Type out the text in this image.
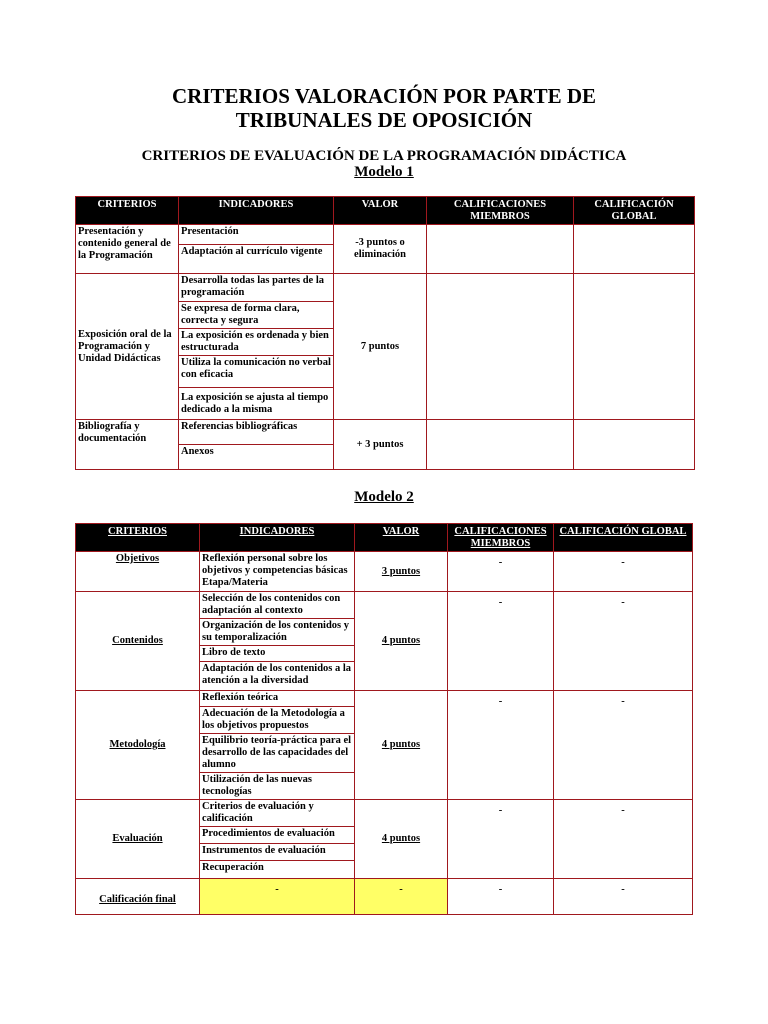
CRITERIOS VALORACIÓN POR PARTE DE
TRIBUNALES DE OPOSICIÓN
CRITERIOS DE EVALUACIÓN DE LA PROGRAMACIÓN DIDÁCTICA
Modelo 1
CRITERIOS	INDICADORES	VALOR	CALIFICACIONES MIEMBROS	CALIFICACIÓN GLOBAL
Presentación y contenido general de la Programación	Presentación	-3 puntos o eliminación		
	Adaptación al currículo vigente			
Exposición oral de la Programación y Unidad Didácticas	Desarrolla todas las partes de la programación	7 puntos		
	Se expresa de forma clara, correcta y segura			
	La exposición es ordenada y bien estructurada			
	Utiliza la comunicación no verbal con eficacia			
	La exposición se ajusta al tiempo dedicado a la misma			
Bibliografía y documentación	Referencias bibliográficas	+ 3 puntos		
	Anexos			
Modelo 2
CRITERIOS	INDICADORES	VALOR	CALIFICACIONES MIEMBROS	CALIFICACIÓN GLOBAL
Objetivos	Reflexión personal sobre los objetivos y competencias básicas Etapa/Materia	3 puntos	-	-
Contenidos	Selección de los contenidos con adaptación al contexto	4 puntos	-	-
	Organización de los contenidos y su temporalización			
	Libro de texto			
	Adaptación de los contenidos a la atención a la diversidad			
Metodología	Reflexión teórica	4 puntos	-	-
	Adecuación de la Metodología a los objetivos propuestos			
	Equilibrio teoría-práctica para el desarrollo de las capacidades del alumno			
	Utilización de las nuevas tecnologías			
Evaluación	Criterios de evaluación y calificación	4 puntos	-	-
	Procedimientos de evaluación			
	Instrumentos de evaluación			
	Recuperación			
Calificación final	-	-	-	-
